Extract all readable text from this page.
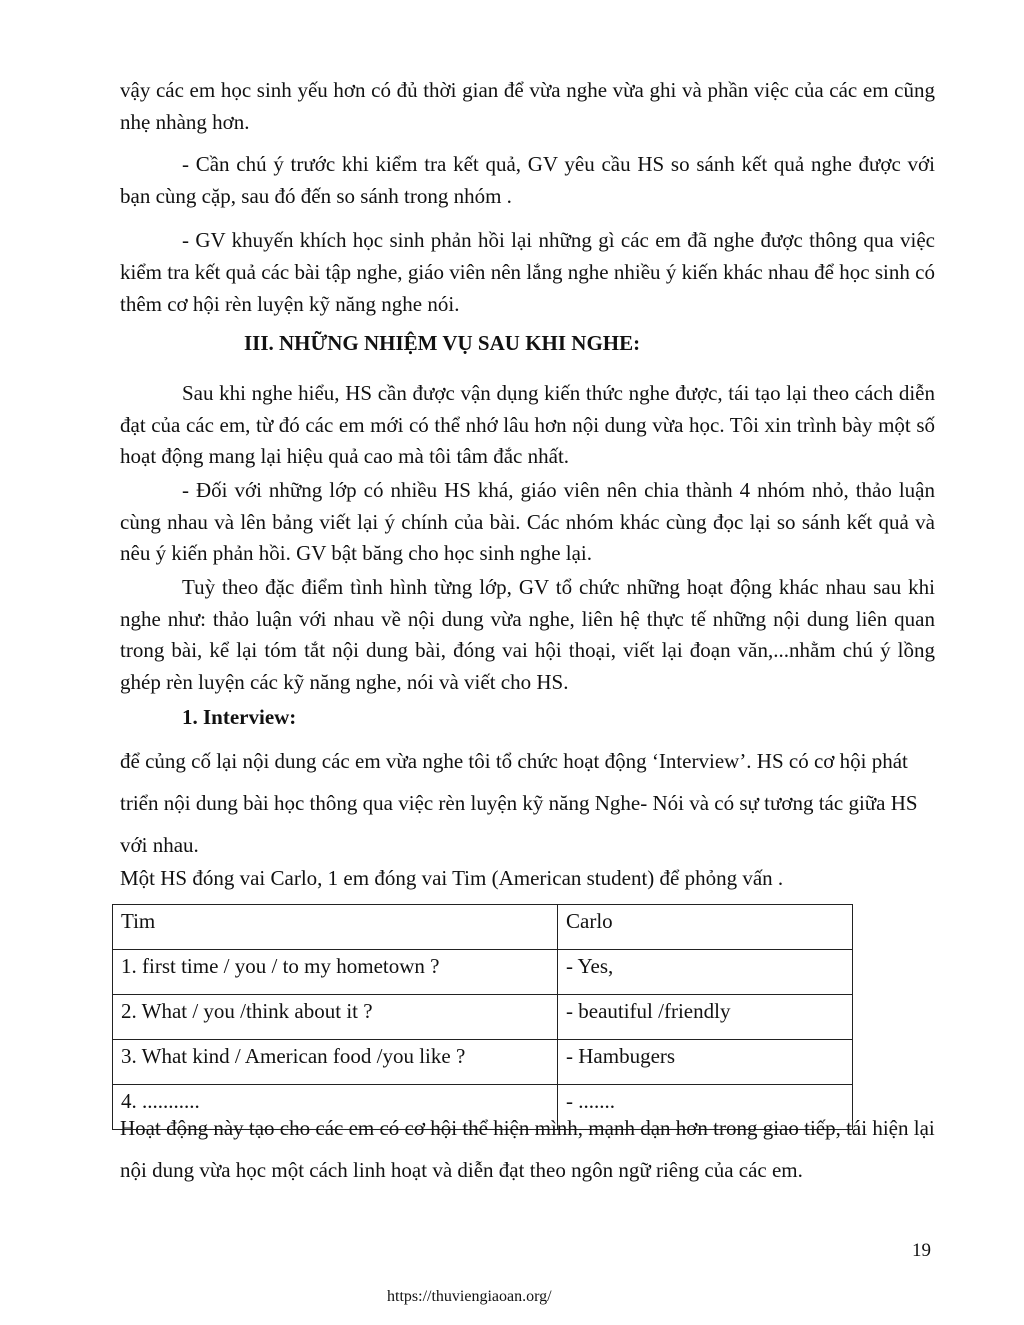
vậy các em học sinh yếu hơn có đủ thời gian để vừa nghe vừa ghi và phần việc của các em cũng nhẹ nhàng hơn.

- Cần chú ý trước khi kiểm tra kết quả, GV yêu cầu HS so sánh kết quả nghe được với bạn cùng cặp, sau đó đến so sánh trong nhóm .

- GV khuyến khích học sinh phản hồi lại những gì các em đã nghe được thông qua việc kiểm tra kết quả các bài tập nghe, giáo viên nên lắng nghe nhiều ý kiến khác nhau để học sinh có thêm cơ hội rèn luyện kỹ năng nghe nói.

III. NHỮNG NHIỆM VỤ SAU KHI NGHE:

Sau khi nghe hiểu, HS cần được vận dụng kiến thức nghe được, tái tạo lại theo cách diễn đạt của các em, từ đó các em mới có thể nhớ lâu hơn nội dung vừa học. Tôi xin trình bày một số hoạt động mang lại hiệu quả cao mà tôi tâm đắc nhất.

- Đối với những lớp có nhiều HS khá, giáo viên nên chia thành 4 nhóm nhỏ, thảo luận cùng nhau và lên bảng viết lại ý chính của bài. Các nhóm khác cùng đọc lại so sánh kết quả và nêu ý kiến phản hồi. GV bật băng cho học sinh nghe lại.

Tuỳ theo đặc điểm tình hình từng lớp, GV tổ chức những hoạt động khác nhau sau khi nghe như: thảo luận với nhau về nội dung vừa nghe, liên hệ thực tế những nội dung liên quan trong bài, kể lại tóm tắt nội dung bài, đóng vai hội thoại, viết lại đoạn văn,...nhằm chú ý lồng ghép rèn luyện các kỹ năng nghe, nói và viết cho HS.

1. Interview:

để củng cố lại nội dung các em vừa nghe tôi tổ chức hoạt động ‘Interview’. HS có cơ hội phát triển nội dung bài học thông qua việc rèn luyện kỹ năng Nghe- Nói và có sự tương tác giữa HS với nhau.

Một HS đóng vai Carlo, 1 em đóng vai Tim (American student) để phỏng vấn .

Tim	Carlo
1. first time / you / to my hometown ?	- Yes,
2. What / you /think about it ?	- beautiful /friendly
3. What kind / American food /you like ?	- Hambugers
4. ...........	- .......

Hoạt động này tạo cho các em có cơ hội thể hiện mình, mạnh dạn hơn trong giao tiếp, tái hiện lại nội dung vừa học một cách linh hoạt và diễn đạt theo ngôn ngữ riêng của các em.

19

https://thuviengiaoan.org/
